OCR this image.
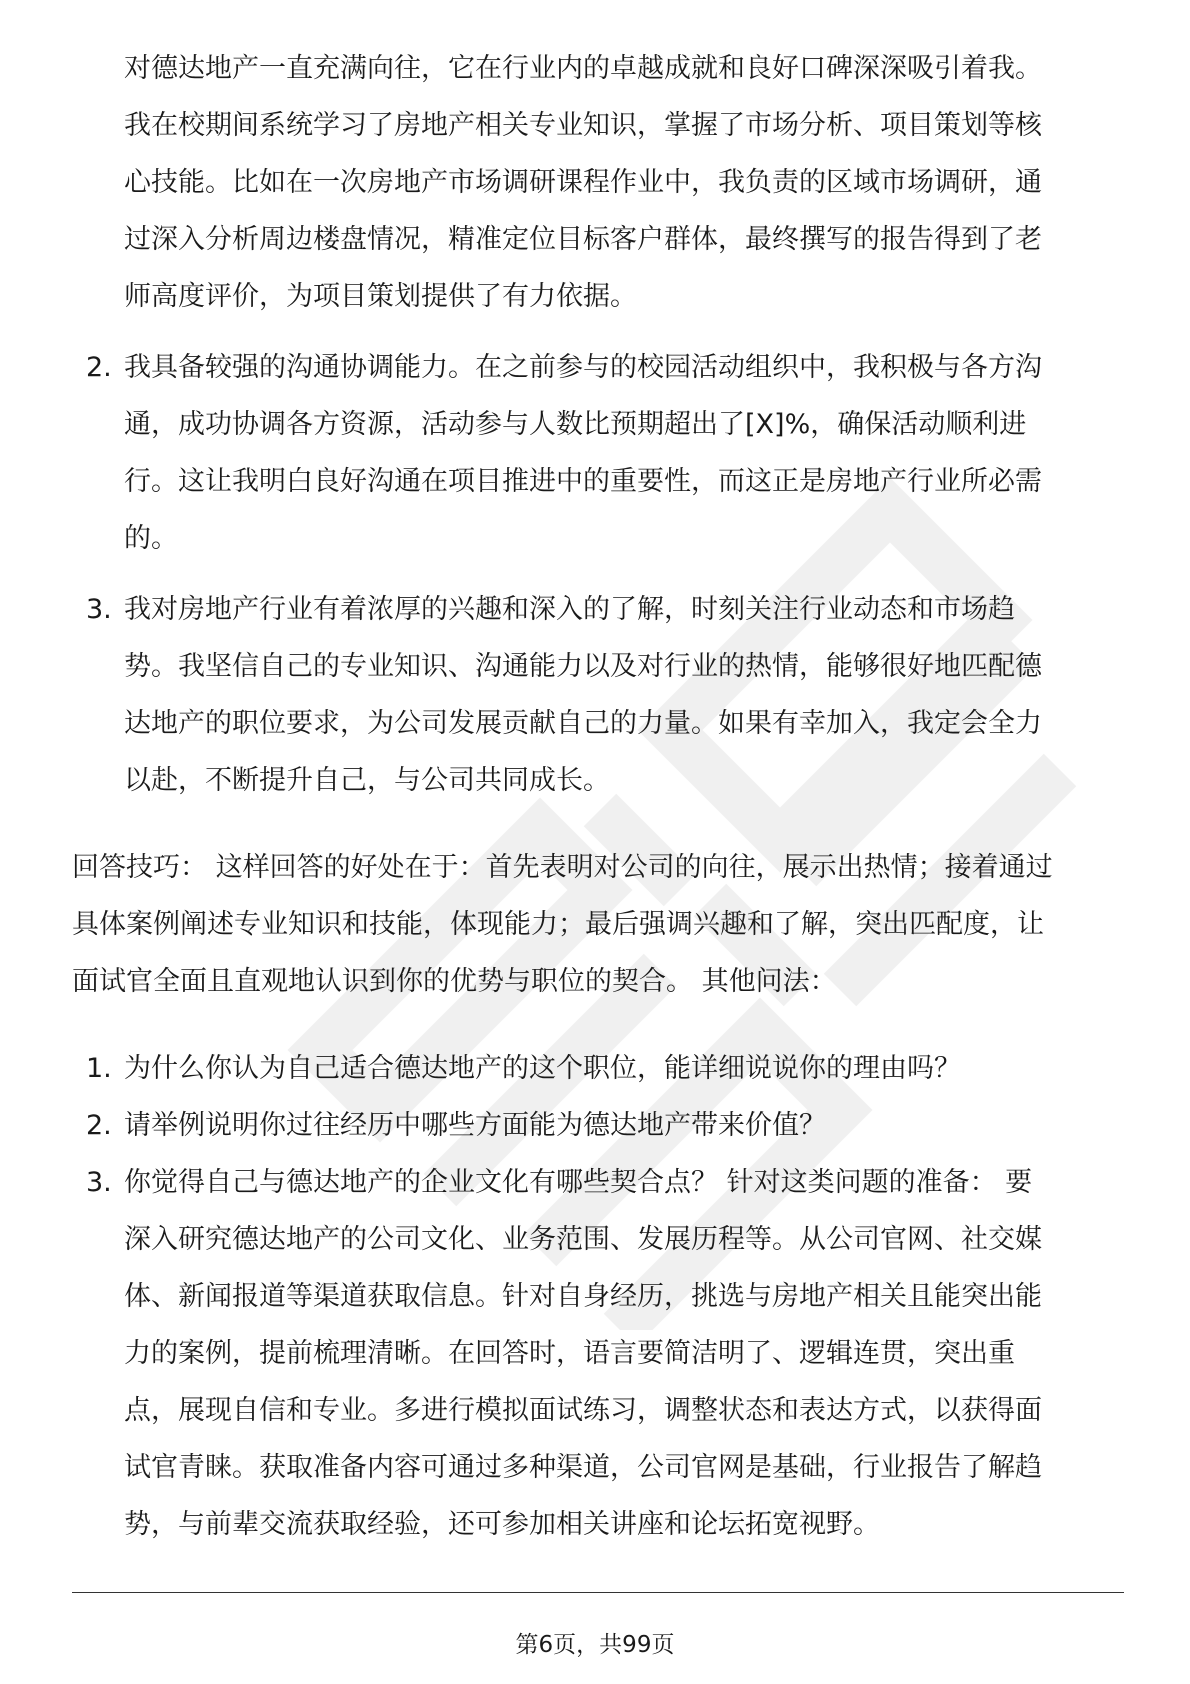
对德达地产一直充满向往，它在行业内的卓越成就和良好口碑深深吸引着我。
我在校期间系统学习了房地产相关专业知识，掌握了市场分析、项目策划等核
心技能。比如在一次房地产市场调研课程作业中，我负责的区域市场调研，通
过深入分析周边楼盘情况，精准定位目标客户群体，最终撰写的报告得到了老
师高度评价，为项目策划提供了有力依据。
2. 我具备较强的沟通协调能力。在之前参与的校园活动组织中，我积极与各方沟
通，成功协调各方资源，活动参与人数比预期超出了[X]%，确保活动顺利进
行。这让我明白良好沟通在项目推进中的重要性，而这正是房地产行业所必需
的。
3. 我对房地产行业有着浓厚的兴趣和深入的了解，时刻关注行业动态和市场趋
势。我坚信自己的专业知识、沟通能力以及对行业的热情，能够很好地匹配德
达地产的职位要求，为公司发展贡献自己的力量。如果有幸加入，我定会全力
以赴，不断提升自己，与公司共同成长。
回答技巧： 这样回答的好处在于：首先表明对公司的向往，展示出热情；接着通过
具体案例阐述专业知识和技能，体现能力；最后强调兴趣和了解，突出匹配度，让
面试官全面且直观地认识到你的优势与职位的契合。 其他问法：
1. 为什么你认为自己适合德达地产的这个职位，能详细说说你的理由吗？
2. 请举例说明你过往经历中哪些方面能为德达地产带来价值？
3. 你觉得自己与德达地产的企业文化有哪些契合点？ 针对这类问题的准备： 要
深入研究德达地产的公司文化、业务范围、发展历程等。从公司官网、社交媒
体、新闻报道等渠道获取信息。针对自身经历，挑选与房地产相关且能突出能
力的案例，提前梳理清晰。在回答时，语言要简洁明了、逻辑连贯，突出重
点，展现自信和专业。多进行模拟面试练习，调整状态和表达方式，以获得面
试官青睐。获取准备内容可通过多种渠道，公司官网是基础，行业报告了解趋
势，与前辈交流获取经验，还可参加相关讲座和论坛拓宽视野。
第6页，共99页
